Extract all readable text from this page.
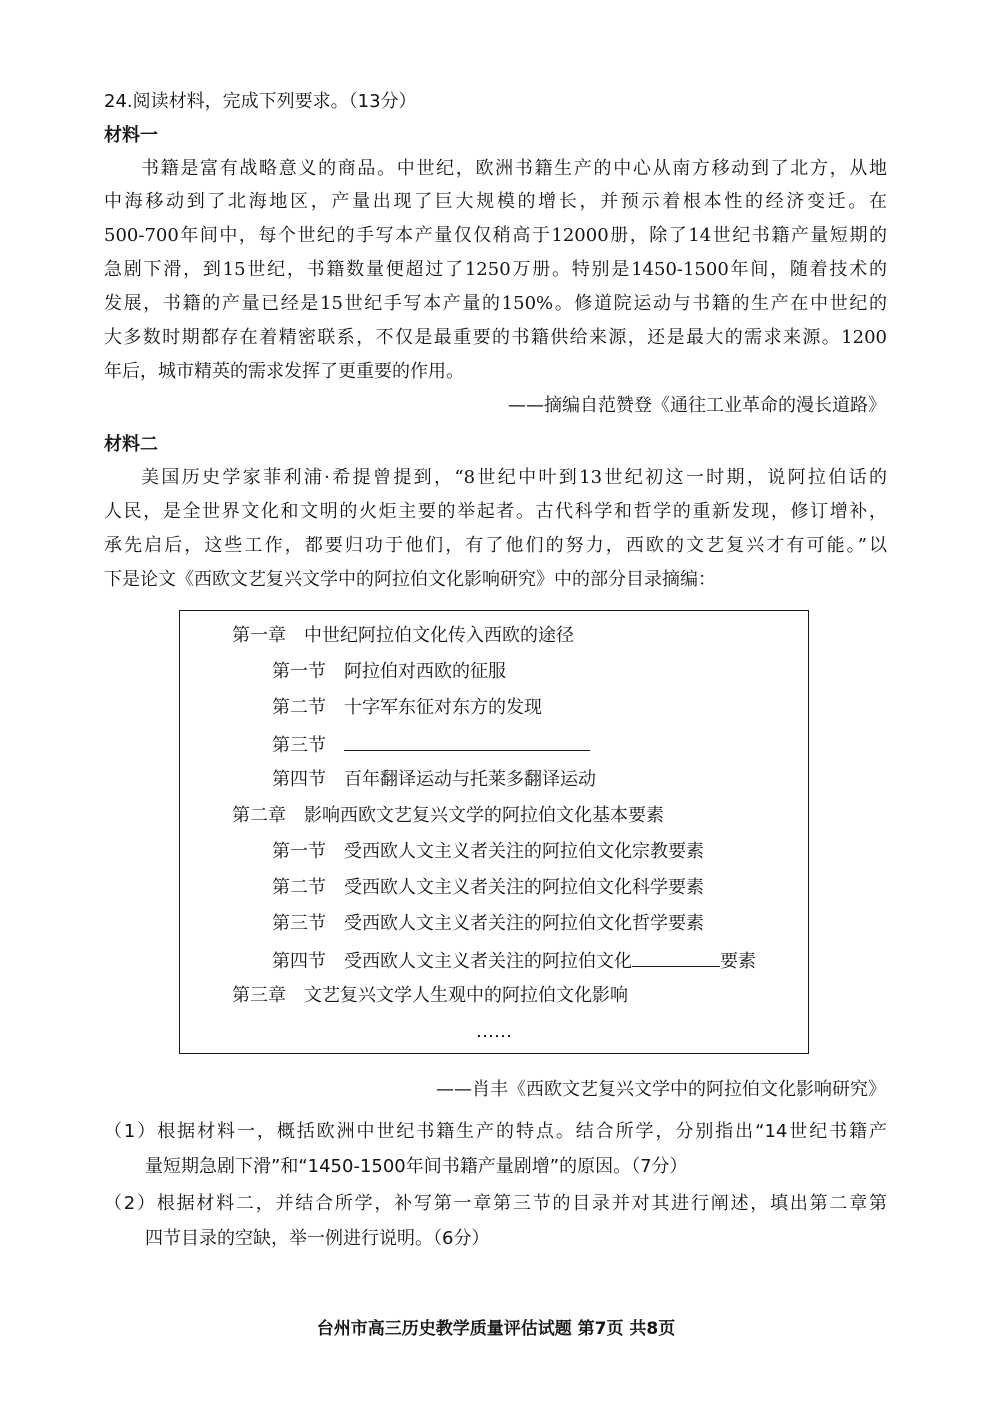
24.阅读材料，完成下列要求。（13分）
材料一
书籍是富有战略意义的商品。中世纪，欧洲书籍生产的中心从南方移动到了北方，从地
中海移动到了北海地区，产量出现了巨大规模的增长，并预示着根本性的经济变迁。在
500-700年间中，每个世纪的手写本产量仅仅稍高于12000册，除了14世纪书籍产量短期的
急剧下滑，到15世纪，书籍数量便超过了1250万册。特别是1450-1500年间，随着技术的
发展，书籍的产量已经是15世纪手写本产量的150%。修道院运动与书籍的生产在中世纪的
大多数时期都存在着精密联系，不仅是最重要的书籍供给来源，还是最大的需求来源。1200
年后，城市精英的需求发挥了更重要的作用。
——摘编自范赞登《通往工业革命的漫长道路》
材料二
美国历史学家菲利浦·希提曾提到，“8世纪中叶到13世纪初这一时期，说阿拉伯话的
人民，是全世界文化和文明的火炬主要的举起者。古代科学和哲学的重新发现，修订增补，
承先启后，这些工作，都要归功于他们，有了他们的努力，西欧的文艺复兴才有可能。”以
下是论文《西欧文艺复兴文学中的阿拉伯文化影响研究》中的部分目录摘编：
第一章　中世纪阿拉伯文化传入西欧的途径
第一节　阿拉伯对西欧的征服
第二节　十字军东征对东方的发现
第三节
第四节　百年翻译运动与托莱多翻译运动
第二章　影响西欧文艺复兴文学的阿拉伯文化基本要素
第一节　受西欧人文主义者关注的阿拉伯文化宗教要素
第二节　受西欧人文主义者关注的阿拉伯文化科学要素
第三节　受西欧人文主义者关注的阿拉伯文化哲学要素
第四节　受西欧人文主义者关注的阿拉伯文化	要素
第三章　文艺复兴文学人生观中的阿拉伯文化影响
……
——肖丰《西欧文艺复兴文学中的阿拉伯文化影响研究》
（1）根据材料一，概括欧洲中世纪书籍生产的特点。结合所学，分别指出“14世纪书籍产
量短期急剧下滑”和“1450-1500年间书籍产量剧增”的原因。（7分）
（2）根据材料二，并结合所学，补写第一章第三节的目录并对其进行阐述，填出第二章第
四节目录的空缺，举一例进行说明。（6分）
台州市高三历史教学质量评估试题 第7页 共8页
